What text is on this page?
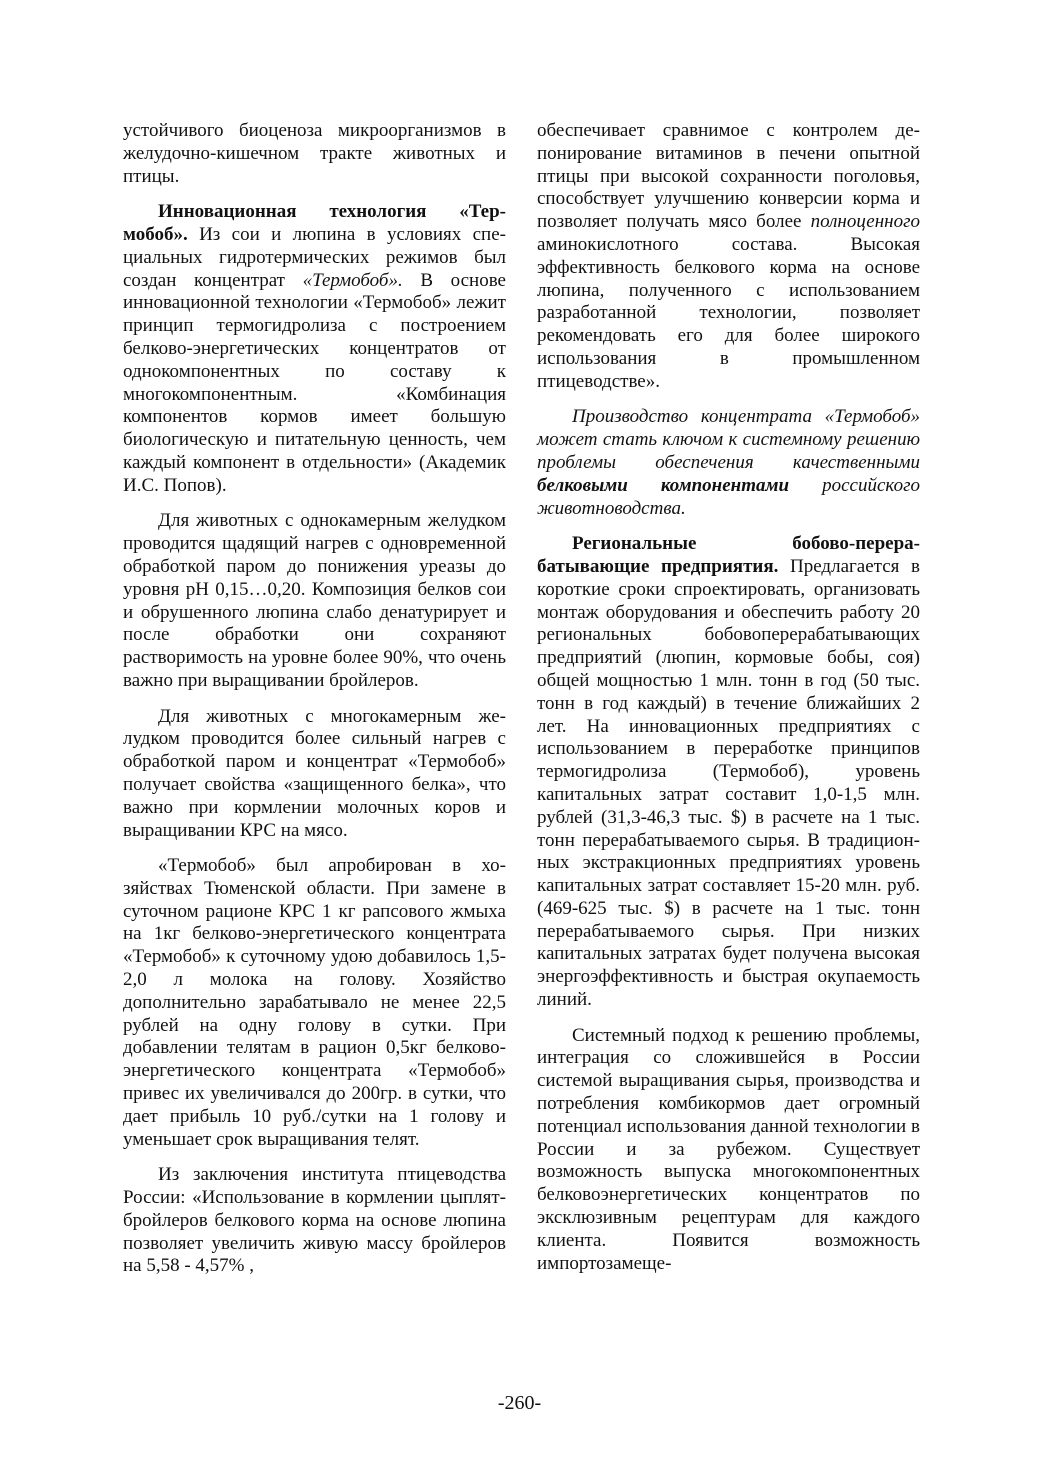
устойчивого биоценоза микроорганизмов в желудочно-кишечном тракте животных и птицы.

Инновационная технология «Термобоб». Из сои и люпина в условиях специальных гидротермических режимов был создан концентрат «Термобоб». В основе инновационной технологии «Термобоб» лежит принцип термогидролиза с построением белково-энергетических концентратов от однокомпонентных по составу к многокомпонентным. «Комбинация компонентов кормов имеет большую биологическую и питательную ценность, чем каждый компонент в отдельности» (Академик И.С. Попов).

Для животных с однокамерным желудком проводится щадящий нагрев с одновременной обработкой паром до понижения уреазы до уровня pH 0,15…0,20. Композиция белков сои и обрушенного люпина слабо денатурирует и после обработки они сохраняют растворимость на уровне более 90%, что очень важно при выращивании бройлеров.

Для животных с многокамерным желудком проводится более сильный нагрев с обработкой паром и концентрат «Термобоб» получает свойства «защищенного белка», что важно при кормлении молочных коров и выращивании КРС на мясо.

«Термобоб» был апробирован в хозяйствах Тюменской области. При замене в суточном рационе КРС 1 кг рапсового жмыха на 1кг белково-энергетического концентрата «Термобоб» к суточному удою добавилось 1,5-2,0 л молока на голову. Хозяйство дополнительно зарабатывало не менее 22,5 рублей на одну голову в сутки. При добавлении телятам в рацион 0,5кг белково-энергетического концентрата «Термобоб» привес их увеличивался до 200гр. в сутки, что дает прибыль 10 руб./сутки на 1 голову и уменьшает срок выращивания телят.

Из заключения института птицеводства России: «Использование в кормлении цыплят-бройлеров белкового корма на основе люпина позволяет увеличить живую массу бройлеров на 5,58 - 4,57% ,

обеспечивает сравнимое с контролем депонирование витаминов в печени опытной птицы при высокой сохранности поголовья, способствует улучшению конверсии корма и позволяет получать мясо более полноценного аминокислотного состава. Высокая эффективность белкового корма на основе люпина, полученного с использованием разработанной технологии, позволяет рекомендовать его для более широкого использования в промышленном птицеводстве».

Производство концентрата «Термобоб» может стать ключом к системному решению проблемы обеспечения качественными белковыми компонентами российского животноводства.

Региональные бобово-перерабатывающие предприятия. Предлагается в короткие сроки спроектировать, организовать монтаж оборудования и обеспечить работу 20 региональных бобовоперерабатывающих предприятий (люпин, кормовые бобы, соя) общей мощностью 1 млн. тонн в год (50 тыс. тонн в год каждый) в течение ближайших 2 лет. На инновационных предприятиях с использованием в переработке принципов термогидролиза (Термобоб), уровень капитальных затрат составит 1,0-1,5 млн. рублей (31,3-46,3 тыс. $) в расчете на 1 тыс. тонн перерабатываемого сырья. В традиционных экстракционных предприятиях уровень капитальных затрат составляет 15-20 млн. руб. (469-625 тыс. $) в расчете на 1 тыс. тонн перерабатываемого сырья. При низких капитальных затратах будет получена высокая энергоэффективность и быстрая окупаемость линий.

Системный подход к решению проблемы, интеграция со сложившейся в России системой выращивания сырья, производства и потребления комбикормов дает огромный потенциал использования данной технологии в России и за рубежом. Существует возможность выпуска многокомпонентных белковоэнергетических концентратов по эксклюзивным рецептурам для каждого клиента. Появится возможность импортозамеще-

-260-
